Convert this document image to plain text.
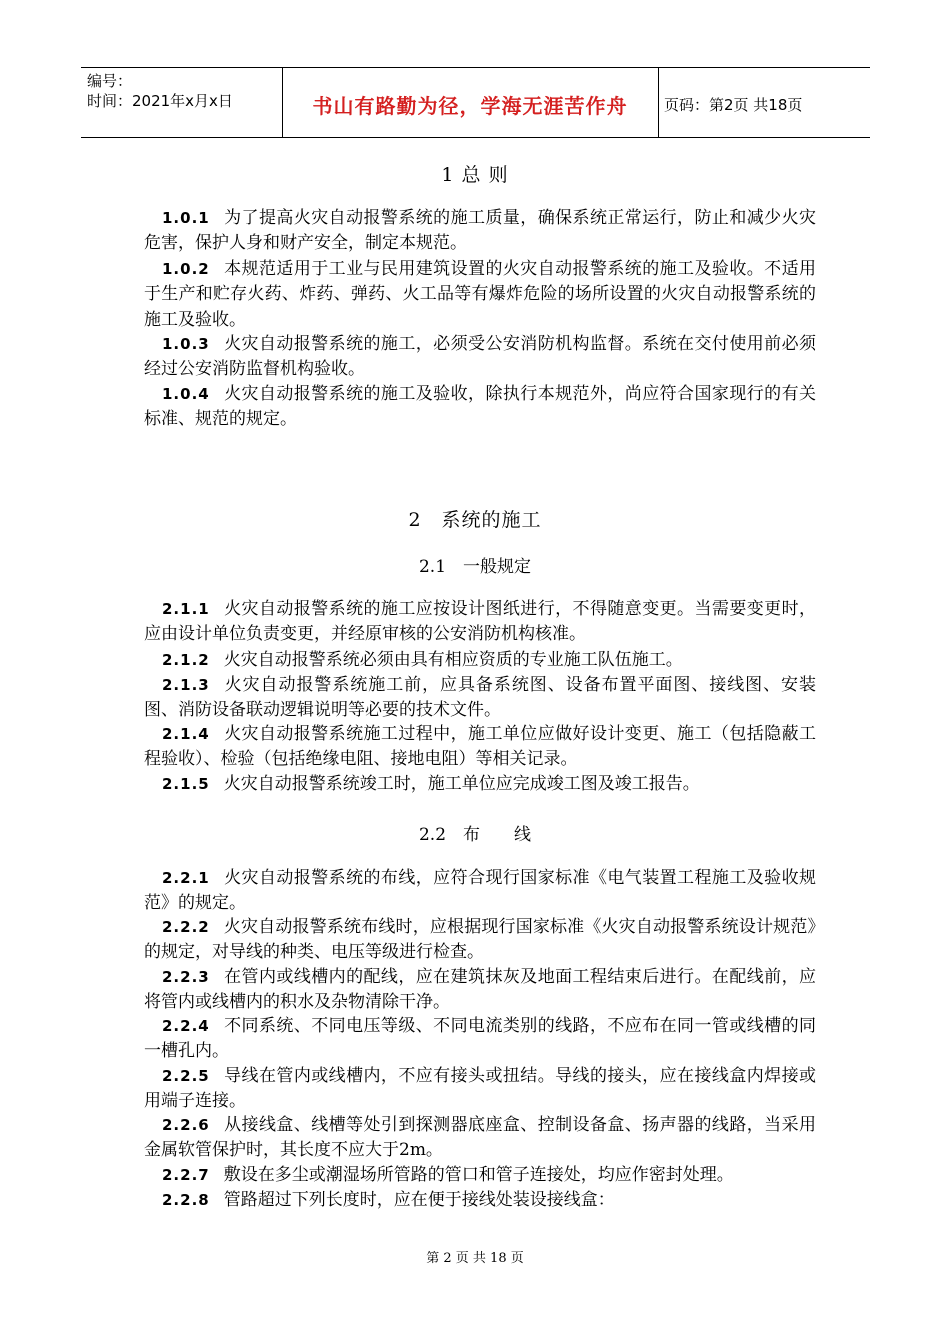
编号：
时间：2021年x月x日	书山有路勤为径，学海无涯苦作舟	页码：第2页 共18页
1 总 则
1.0.1 为了提高火灾自动报警系统的施工质量，确保系统正常运行，防止和减少火灾危害，保护人身和财产安全，制定本规范。
1.0.2 本规范适用于工业与民用建筑设置的火灾自动报警系统的施工及验收。不适用于生产和贮存火药、炸药、弹药、火工品等有爆炸危险的场所设置的火灾自动报警系统的施工及验收。
1.0.3 火灾自动报警系统的施工，必须受公安消防机构监督。系统在交付使用前必须经过公安消防监督机构验收。
1.0.4 火灾自动报警系统的施工及验收，除执行本规范外，尚应符合国家现行的有关标准、规范的规定。
2　系统的施工
2.1　一般规定
2.1.1 火灾自动报警系统的施工应按设计图纸进行，不得随意变更。当需要变更时，应由设计单位负责变更，并经原审核的公安消防机构核准。
2.1.2 火灾自动报警系统必须由具有相应资质的专业施工队伍施工。
2.1.3 火灾自动报警系统施工前，应具备系统图、设备布置平面图、接线图、安装图、消防设备联动逻辑说明等必要的技术文件。
2.1.4 火灾自动报警系统施工过程中，施工单位应做好设计变更、施工（包括隐蔽工程验收）、检验（包括绝缘电阻、接地电阻）等相关记录。
2.1.5 火灾自动报警系统竣工时，施工单位应完成竣工图及竣工报告。
2.2　布　　线
2.2.1 火灾自动报警系统的布线，应符合现行国家标准《电气装置工程施工及验收规范》的规定。
2.2.2 火灾自动报警系统布线时，应根据现行国家标准《火灾自动报警系统设计规范》的规定，对导线的种类、电压等级进行检查。
2.2.3 在管内或线槽内的配线，应在建筑抹灰及地面工程结束后进行。在配线前，应将管内或线槽内的积水及杂物清除干净。
2.2.4 不同系统、不同电压等级、不同电流类别的线路，不应布在同一管或线槽的同一槽孔内。
2.2.5 导线在管内或线槽内，不应有接头或扭结。导线的接头，应在接线盒内焊接或用端子连接。
2.2.6 从接线盒、线槽等处引到探测器底座盒、控制设备盒、扬声器的线路，当采用金属软管保护时，其长度不应大于2m。
2.2.7 敷设在多尘或潮湿场所管路的管口和管子连接处，均应作密封处理。
2.2.8 管路超过下列长度时，应在便于接线处装设接线盒：
第 2 页 共 18 页
